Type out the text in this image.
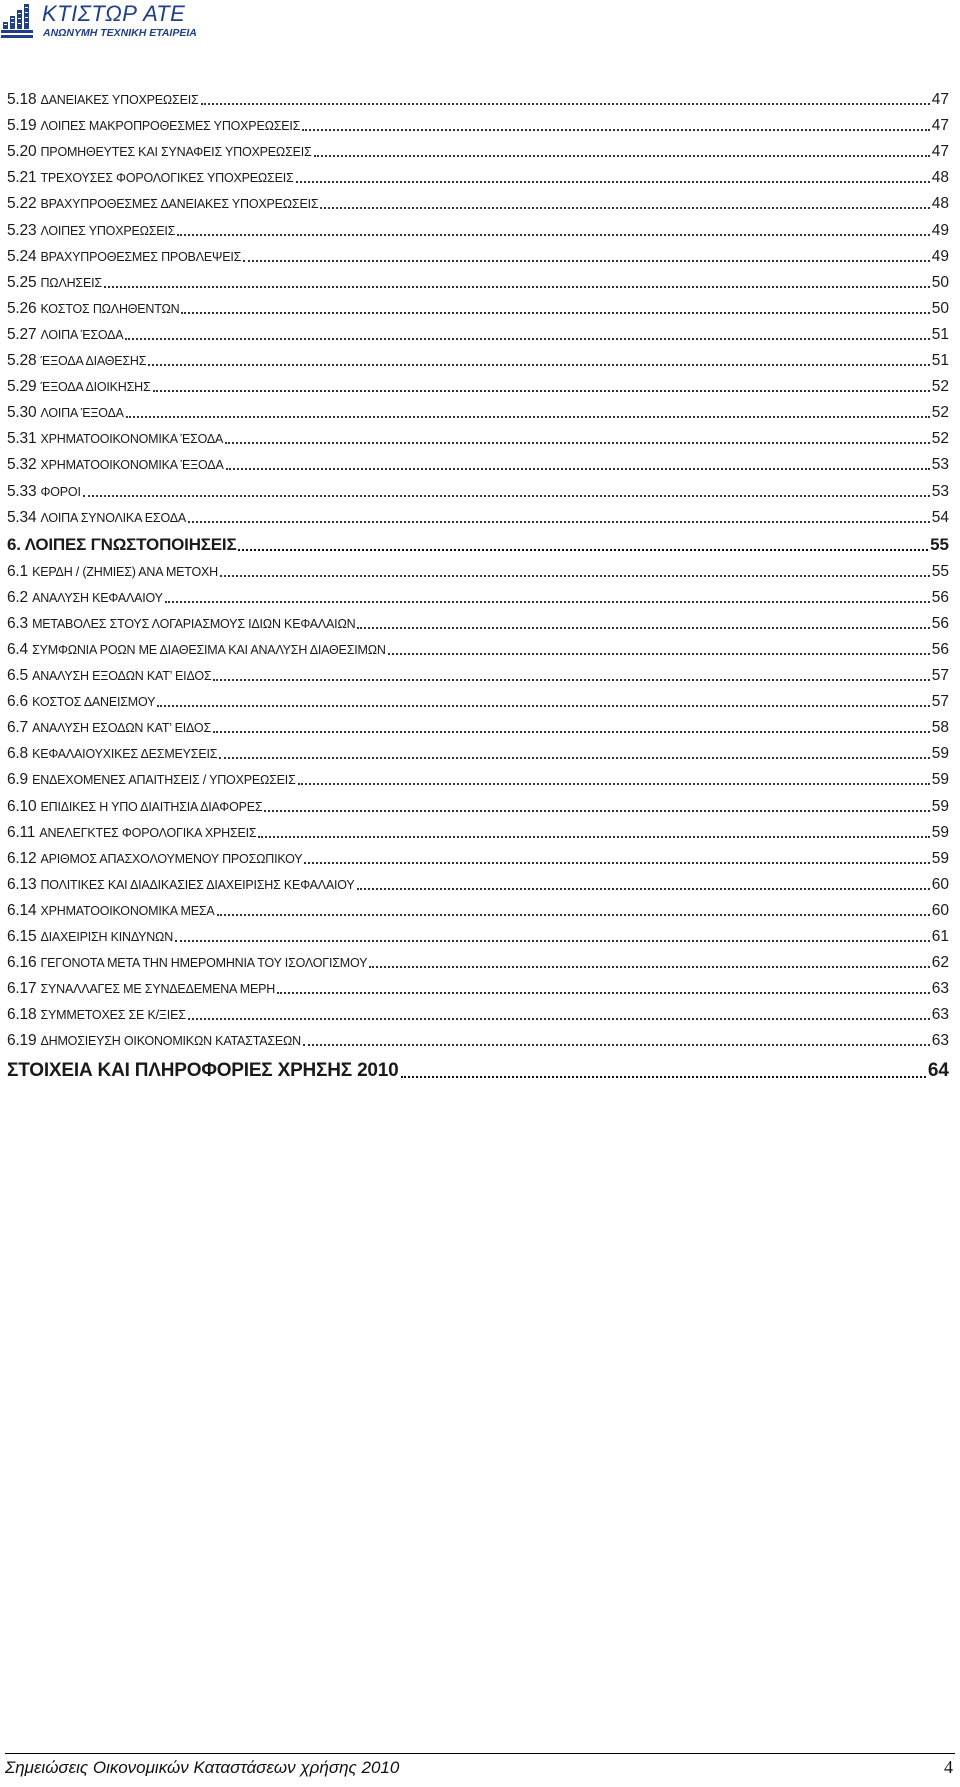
ΚΤΙΣΤΩΡ ΑΤΕ
ΑΝΩΝΥΜΗ ΤΕΧΝΙΚΗ ΕΤΑΙΡΕΙΑ
5.18 ΔΑΝΕΙΑΚΕΣ ΥΠΟΧΡΕΩΣΕΙΣ	47
5.19 ΛΟΙΠΕΣ ΜΑΚΡΟΠΡΟΘΕΣΜΕΣ ΥΠΟΧΡΕΩΣΕΙΣ	47
5.20 ΠΡΟΜΗΘΕΥΤΕΣ ΚΑΙ ΣΥΝΑΦΕΙΣ ΥΠΟΧΡΕΩΣΕΙΣ	47
5.21 ΤΡΕΧΟΥΣΕΣ ΦΟΡΟΛΟΓΙΚΕΣ ΥΠΟΧΡΕΩΣΕΙΣ	48
5.22 ΒΡΑΧΥΠΡΟΘΕΣΜΕΣ ΔΑΝΕΙΑΚΕΣ ΥΠΟΧΡΕΩΣΕΙΣ	48
5.23 ΛΟΙΠΕΣ ΥΠΟΧΡΕΩΣΕΙΣ	49
5.24 ΒΡΑΧΥΠΡΟΘΕΣΜΕΣ ΠΡΟΒΛΕΨΕΙΣ	49
5.25 ΠΩΛΗΣΕΙΣ	50
5.26 ΚΟΣΤΟΣ ΠΩΛΗΘΕΝΤΩΝ	50
5.27 ΛΟΙΠΑ ΈΣΟΔΑ	51
5.28 ΈΞΟΔΑ ΔΙΑΘΕΣΗΣ	51
5.29 ΈΞΟΔΑ ΔΙΟΙΚΗΣΗΣ	52
5.30 ΛΟΙΠΑ ΈΞΟΔΑ	52
5.31 ΧΡΗΜΑΤΟΟΙΚΟΝΟΜΙΚΑ ΈΣΟΔΑ	52
5.32 ΧΡΗΜΑΤΟΟΙΚΟΝΟΜΙΚΑ ΈΞΟΔΑ	53
5.33 ΦΟΡΟΙ	53
5.34 ΛΟΙΠΑ ΣΥΝΟΛΙΚΑ ΕΣΟΔΑ	54
6. ΛΟΙΠΕΣ ΓΝΩΣΤΟΠΟΙΗΣΕΙΣ	55
6.1 ΚΕΡΔΗ / (ΖΗΜΙΕΣ) ΑΝΑ ΜΕΤΟΧΗ	55
6.2 ΑΝΑΛΥΣΗ ΚΕΦΑΛΑΙΟΥ	56
6.3 ΜΕΤΑΒΟΛΕΣ ΣΤΟΥΣ ΛΟΓΑΡΙΑΣΜΟΥΣ ΙΔΙΩΝ ΚΕΦΑΛΑΙΩΝ	56
6.4 ΣΥΜΦΩΝΙΑ ΡΟΩΝ ΜΕ ΔΙΑΘΕΣΙΜΑ ΚΑΙ ΑΝΑΛΥΣΗ ΔΙΑΘΕΣΙΜΩΝ	56
6.5 ΑΝΑΛΥΣΗ ΕΞΟΔΩΝ ΚΑΤ’ ΕΙΔΟΣ	57
6.6 ΚΟΣΤΟΣ ΔΑΝΕΙΣΜΟΥ	57
6.7 ΑΝΑΛΥΣΗ ΕΣΟΔΩΝ ΚΑΤ’ ΕΙΔΟΣ	58
6.8 ΚΕΦΑΛΑΙΟΥΧΙΚΕΣ ΔΕΣΜΕΥΣΕΙΣ	59
6.9 ΕΝΔΕΧΟΜΕΝΕΣ ΑΠΑΙΤΗΣΕΙΣ / ΥΠΟΧΡΕΩΣΕΙΣ	59
6.10 ΕΠΙΔΙΚΕΣ Η ΥΠΟ ΔΙΑΙΤΗΣΙΑ ΔΙΑΦΟΡΕΣ	59
6.11 ΑΝΕΛΕΓΚΤΕΣ ΦΟΡΟΛΟΓΙΚΑ ΧΡΗΣΕΙΣ	59
6.12 ΑΡΙΘΜΟΣ ΑΠΑΣΧΟΛΟΥΜΕΝΟΥ ΠΡΟΣΩΠΙΚΟΥ	59
6.13 ΠΟΛΙΤΙΚΕΣ ΚΑΙ ΔΙΑΔΙΚΑΣΙΕΣ ΔΙΑΧΕΙΡΙΣΗΣ ΚΕΦΑΛΑΙΟΥ	60
6.14 ΧΡΗΜΑΤΟΟΙΚΟΝΟΜΙΚΑ ΜΕΣΑ	60
6.15 ΔΙΑΧΕΙΡΙΣΗ ΚΙΝΔΥΝΩΝ	61
6.16 ΓΕΓΟΝΟΤΑ ΜΕΤΑ ΤΗΝ ΗΜΕΡΟΜΗΝΙΑ ΤΟΥ ΙΣΟΛΟΓΙΣΜΟΥ	62
6.17 ΣΥΝΑΛΛΑΓΕΣ ΜΕ ΣΥΝΔΕΔΕΜΕΝΑ ΜΕΡΗ	63
6.18 ΣΥΜΜΕΤΟΧΕΣ ΣΕ Κ/ΞΙΕΣ	63
6.19 ΔΗΜΟΣΙΕΥΣΗ ΟΙΚΟΝΟΜΙΚΩΝ ΚΑΤΑΣΤΑΣΕΩΝ	63
ΣΤΟΙΧΕΙΑ ΚΑΙ ΠΛΗΡΟΦΟΡΙΕΣ ΧΡΗΣΗΣ 2010	64
Σημειώσεις Οικονομικών Καταστάσεων χρήσης 2010	4
